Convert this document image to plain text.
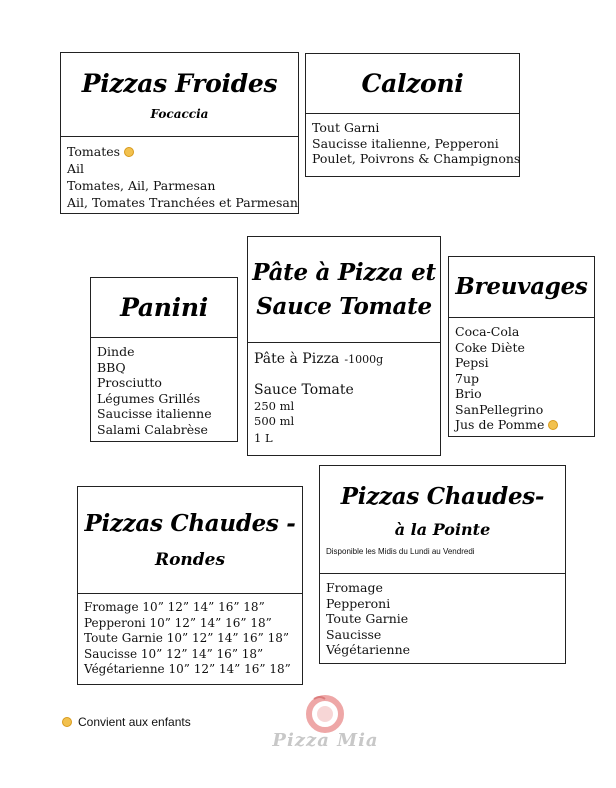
Pizzas Froides
Focaccia
Tomates
Ail
Tomates, Ail, Parmesan
Ail, Tomates Tranchées et Parmesan
Calzoni
Tout Garni
Saucisse italienne, Pepperoni
Poulet, Poivrons & Champignons
Panini
Dinde
BBQ
Prosciutto
Légumes Grillés
Saucisse italienne
Salami Calabrèse
Pâte à Pizza et
Sauce Tomate
Pâte à Pizza -1000g
Sauce Tomate
250 ml
500 ml
1 L
Breuvages
Coca-Cola
Coke Diète
Pepsi
7up
Brio
SanPellegrino
Jus de Pomme
Pizzas Chaudes -
Rondes
Fromage 10” 12” 14” 16” 18”
Pepperoni 10” 12” 14” 16” 18”
Toute Garnie 10” 12” 14” 16” 18”
Saucisse 10” 12” 14” 16” 18”
Végétarienne 10” 12” 14” 16” 18”
Pizzas Chaudes-
à la Pointe
Disponible les Midis du Lundi au Vendredi
Fromage
Pepperoni
Toute Garnie
Saucisse
Végétarienne
Convient aux enfants
Pizza Mia
